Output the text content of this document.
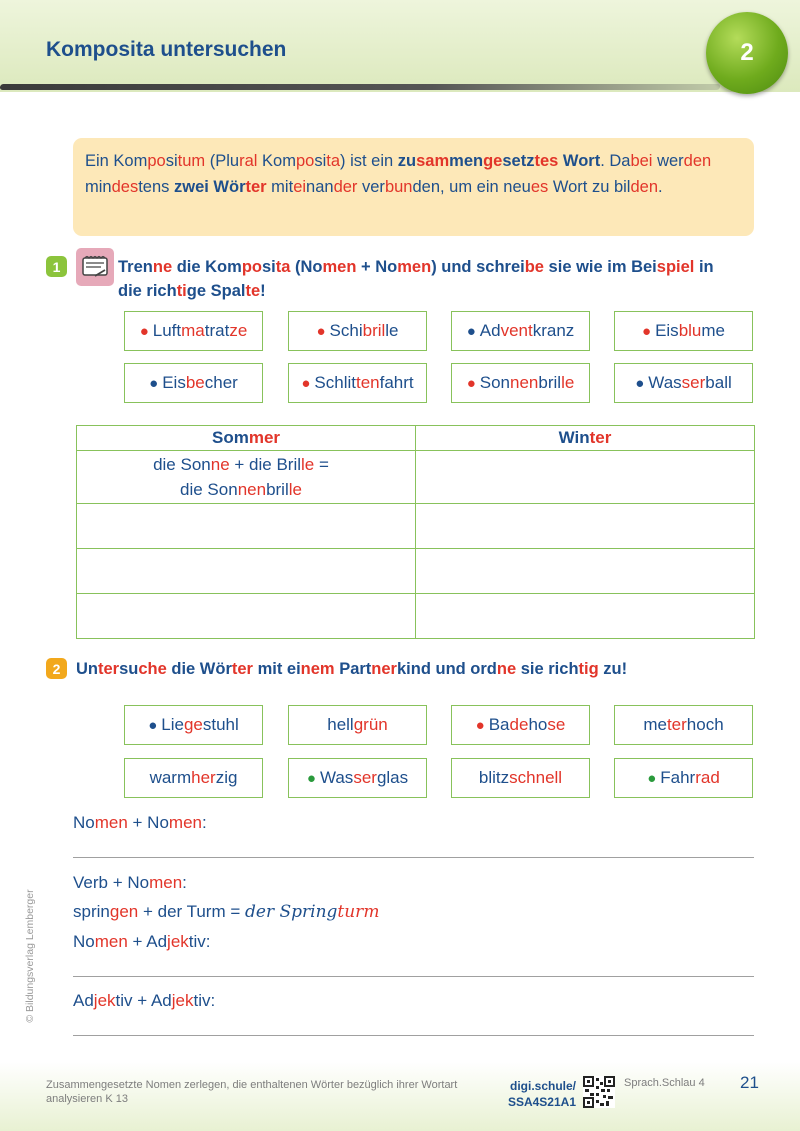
Komposita untersuchen	2
Ein Kompositum (Plural Komposita) ist ein zusammengesetztes Wort. Dabei werden mindestens zwei Wörter miteinander verbunden, um ein neues Wort zu bilden.
1	Trenne die Komposita (Nomen + Nomen) und schreibe sie wie im Beispiel in die richtige Spalte!

● Luftmatratze	● Schibrille	● Adventkranz	● Eisblume
● Eisbecher	● Schlittenfahrt	● Sonnenbrille	● Wasserball
Sommer	Winter

die Sonne + die Brille =
die Sonnenbrille	

2 Untersuche die Wörter mit einem Partnerkind und ordne sie richtig zu!

● Liegestuhl	hellgrün	● Badehose	meterhoch
warmherzig	● Wasserglas	blitzschnell	● Fahrrad
Nomen + Nomen:
Verb + Nomen:
springen + der Turm = der Springturm
Nomen + Adjektiv:
Adjektiv + Adjektiv:
© Bildungsverlag Lemberger
Zusammengesetzte Nomen zerlegen, die enthaltenen Wörter bezüglich ihrer Wortart analysieren K 13
digi.schule/
SSA4S21A1
Sprach.Schlau 4 21
